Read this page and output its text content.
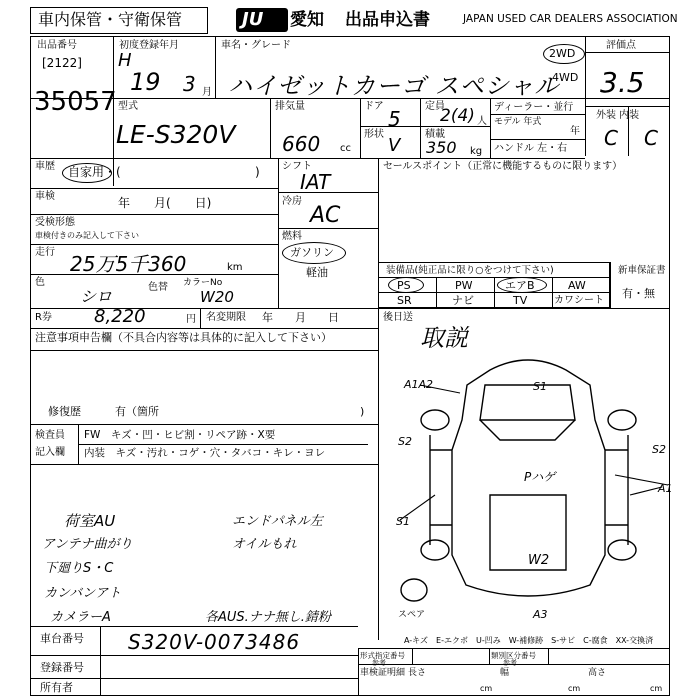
車内保管・守衛保管	JU 愛知 出品申込書	JAPAN USED CAR DEALERS ASSOCIATION
出品番号
[2122]
35057
初度登録年月
H
19 3 月
車名・グレード
ハイゼットカーゴ スペシャル
2WD
4WD
評価点
3.5
外装 内装
C C
型式
LE-S320V
排気量
660 cc
ドア
5
形状
V
定員
2(4) 人
積載
350 kg
ディーラー・並行
モデル 年式
年
ハンドル 左・右
車歴 自家用・(	)
車検	年　　月(　　日)
受検形態
車検付きのみ記入して下さい
走行 25万5千360	km
色
シロ	色替 カラーNo
W20
シフト
IAT
冷房
AC
燃料
ガソリン
軽油
セールスポイント（正常に機能するものに限ります）
装備品(純正品に限り○をつけて下さい)
PS	PW	エアB	AW
SR	ナビ	TV	カワシート
新車保証書
有・無
R券 8,220	円 名変期限 年　　月　　日
注意事項申告欄（不具合内容等は具体的に記入して下さい）
後日送
取説
修復歴	有（箇所	)
検査員
記入欄
FW　キズ・凹・ヒビ割・リペア跡・X要
内装　キズ・汚れ・コゲ・穴・タバコ・キレ・ヨレ
荷室AU	エンドパネル左
アンテナ曲がり	オイルもれ
下廻りS・C
カンバンアト
カメラーA	各AUS.ナナ無し.錆粉
A1A2	S1
S2
S2
A1
S1
W2
A3
Pハゲ
スペア
A-キズ　E-エクボ　U-凹み　W-補修跡　S-サビ　C-腐食　XX-交換済
車台番号 S320V-0073486
登録番号
所有者
形式指定番号
参考
類別区分番号
参考
車検証明細 長さ
cm
幅
cm
高さ
cm
